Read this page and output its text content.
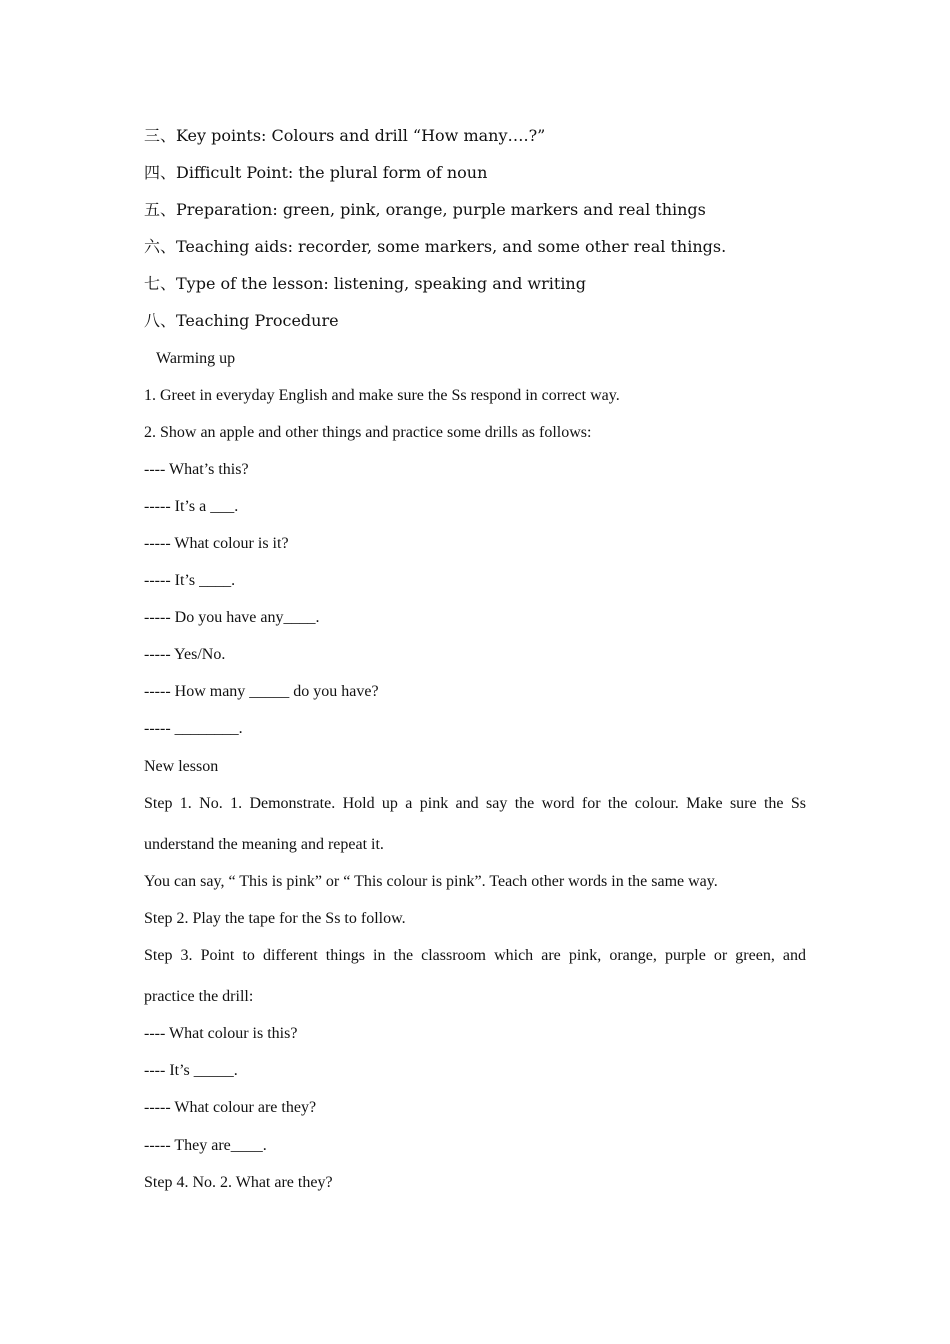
三、Key points: Colours and drill “How many….?”
四、Difficult Point: the plural form of noun
五、Preparation: green, pink, orange, purple markers and real things
六、Teaching aids: recorder, some markers, and some other real things.
七、Type of the lesson: listening, speaking and writing
八、Teaching Procedure
Warming up
1. Greet in everyday English and make sure the Ss respond in correct way.
2. Show an apple and other things and practice some drills as follows:
---- What’s this?
----- It’s a ___.
----- What colour is it?
----- It’s ____.
----- Do you have any____.
----- Yes/No.
----- How many _____ do you have?
----- ________.
New lesson
Step 1. No. 1. Demonstrate. Hold up a pink and say the word for the colour. Make sure the Ss
understand the meaning and repeat it.
You can say, “ This is pink” or “ This colour is pink”. Teach other words in the same way.
Step 2. Play the tape for the Ss to follow.
Step 3. Point to different things in the classroom which are pink, orange, purple or green, and
practice the drill:
---- What colour is this?
---- It’s _____.
----- What colour are they?
----- They are____.
Step 4. No. 2. What are they?
